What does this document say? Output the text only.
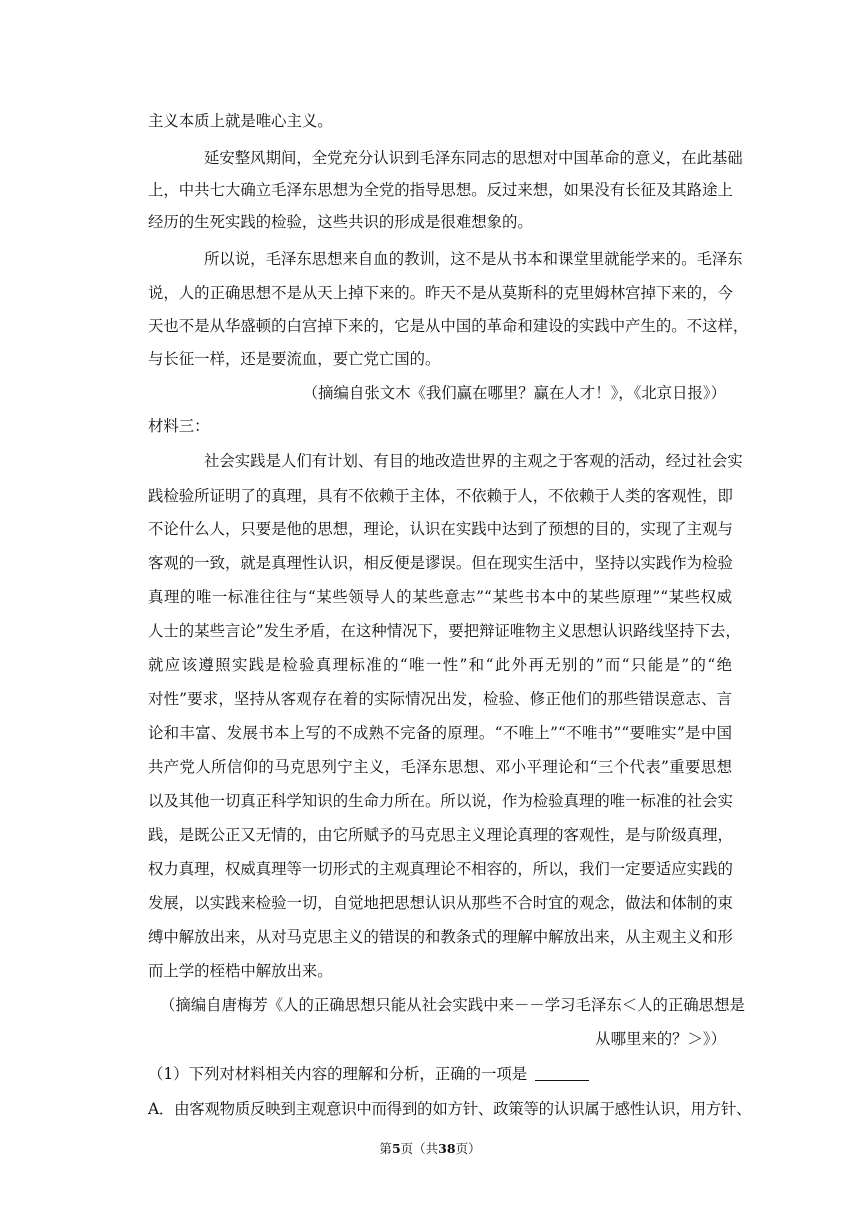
主义本质上就是唯心主义。
延安整风期间，全党充分认识到毛泽东同志的思想对中国革命的意义，在此基础
上，中共七大确立毛泽东思想为全党的指导思想。反过来想，如果没有长征及其路途上
经历的生死实践的检验，这些共识的形成是很难想象的。
所以说，毛泽东思想来自血的教训，这不是从书本和课堂里就能学来的。毛泽东
说，人的正确思想不是从天上掉下来的。昨天不是从莫斯科的克里姆林宫掉下来的，今
天也不是从华盛顿的白宫掉下来的，它是从中国的革命和建设的实践中产生的。不这样，
与长征一样，还是要流血，要亡党亡国的。
（摘编自张文木《我们赢在哪里？赢在人才！》，《北京日报》）
材料三：
社会实践是人们有计划、有目的地改造世界的主观之于客观的活动，经过社会实
践检验所证明了的真理，具有不依赖于主体，不依赖于人，不依赖于人类的客观性，即
不论什么人，只要是他的思想，理论，认识在实践中达到了预想的目的，实现了主观与
客观的一致，就是真理性认识，相反便是谬误。但在现实生活中，坚持以实践作为检验
真理的唯一标准往往与“某些领导人的某些意志”“某些书本中的某些原理”“某些权威
人士的某些言论”发生矛盾，在这种情况下，要把辩证唯物主义思想认识路线坚持下去，
就应该遵照实践是检验真理标准的“唯一性”和“此外再无别的”而“只能是”的“绝
对性”要求，坚持从客观存在着的实际情况出发，检验、修正他们的那些错误意志、言
论和丰富、发展书本上写的不成熟不完备的原理。“不唯上”“不唯书”“要唯实”是中国
共产党人所信仰的马克思列宁主义，毛泽东思想、邓小平理论和“三个代表”重要思想
以及其他一切真正科学知识的生命力所在。所以说，作为检验真理的唯一标准的社会实
践，是既公正又无情的，由它所赋予的马克思主义理论真理的客观性，是与阶级真理，
权力真理，权威真理等一切形式的主观真理论不相容的，所以，我们一定要适应实践的
发展，以实践来检验一切，自觉地把思想认识从那些不合时宜的观念，做法和体制的束
缚中解放出来，从对马克思主义的错误的和教条式的理解中解放出来，从主观主义和形
而上学的桎梏中解放出来。
（摘编自唐梅芳《人的正确思想只能从社会实践中来－－学习毛泽东＜人的正确思想是
从哪里来的？＞》）
（1）下列对材料相关内容的理解和分析，正确的一项是
A．由客观物质反映到主观意识中而得到的如方针、政策等的认识属于感性认识，用方针、
第5页（共38页）
